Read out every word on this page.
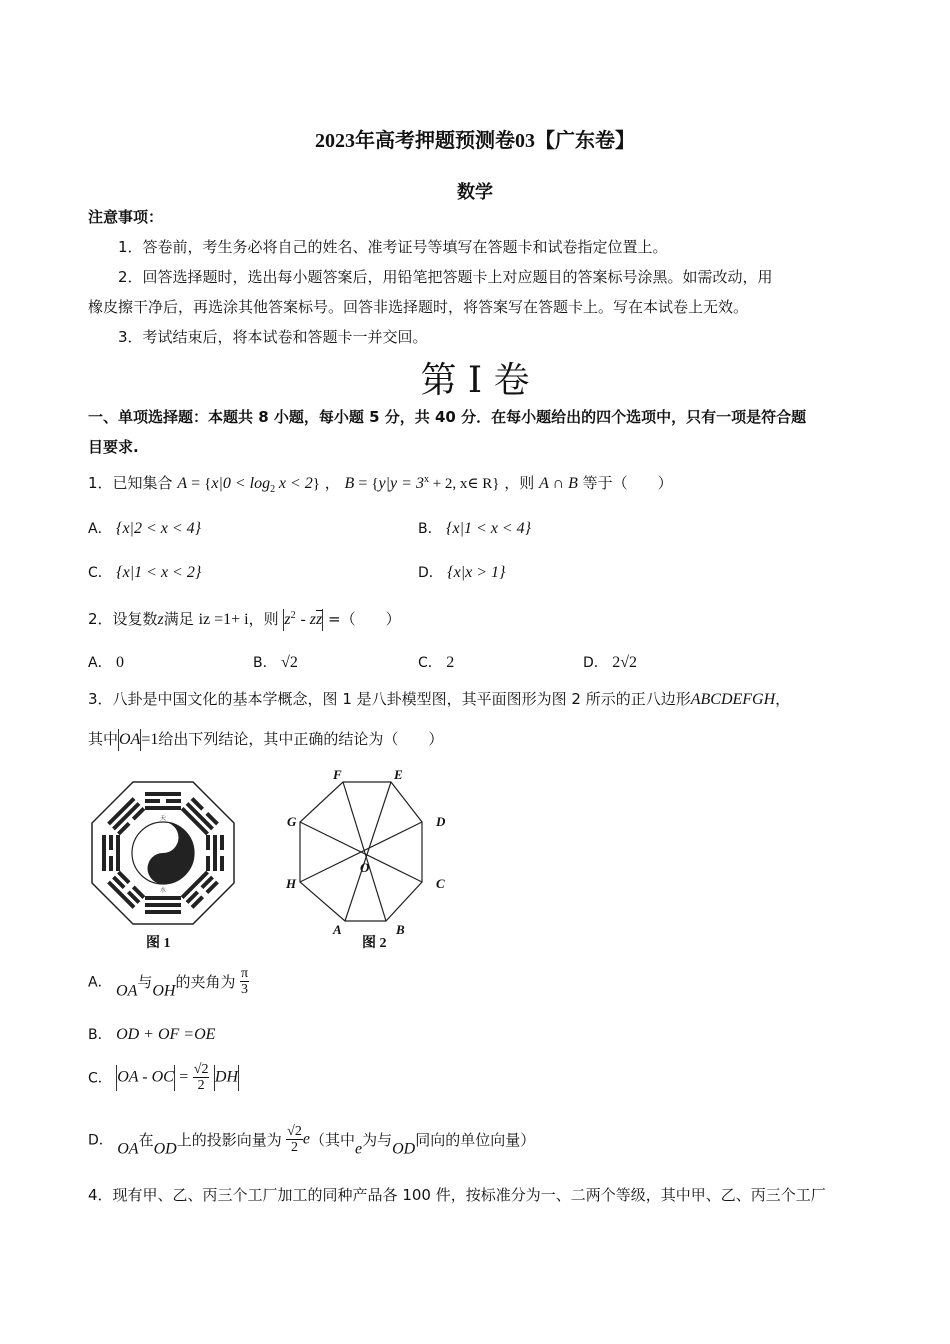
2023年高考押题预测卷03【广东卷】
数学
注意事项：
1．答卷前，考生务必将自己的姓名、准考证号等填写在答题卡和试卷指定位置上。
2．回答选择题时，选出每小题答案后，用铅笔把答题卡上对应题目的答案标号涂黑。如需改动，用
橡皮擦干净后，再选涂其他答案标号。回答非选择题时，将答案写在答题卡上。写在本试卷上无效。
3．考试结束后，将本试卷和答题卡一并交回。
第 I 卷
一、单项选择题：本题共 8 小题，每小题 5 分，共 40 分．在每小题给出的四个选项中，只有一项是符合题
目要求.
1．已知集合 $A = \{x|0 < \log_2 x < 2\}$ ， $B = \{y|y = 3^x + 2$, x∈ R} ，则 A ∩ B 等于（　　）
A． {x|2 < x < 4}	B． {x|1 < x < 4}
C． {x|1 < x < 2}	D． {x|x > 1}
2．设复数z满足 iz =1+ i，则 $z^2 - z\overline{z}$ =（　　）
A． 0	B． √2	C． 2	D． 2√2
3．八卦是中国文化的基本学概念，图 1 是八卦模型图，其平面图形为图 2 所示的正八边形ABCDEFGH，
其中OA=1给出下列结论，其中正确的结论为（　　）
天
水
图 1
A	B
C
D
E
F
G
H
O
图 2
A． OA与OH的夹角为 $\frac{\pi}{3}$
B． OD + OF =OE
C． OA - OC = $\frac{√2}{2}$ DH
D． OA在OD上的投影向量为 $\frac{√2}{2} e$（其中e为与OD同向的单位向量）
4．现有甲、乙、丙三个工厂加工的同种产品各 100 件，按标准分为一、二两个等级，其中甲、乙、丙三个工厂
